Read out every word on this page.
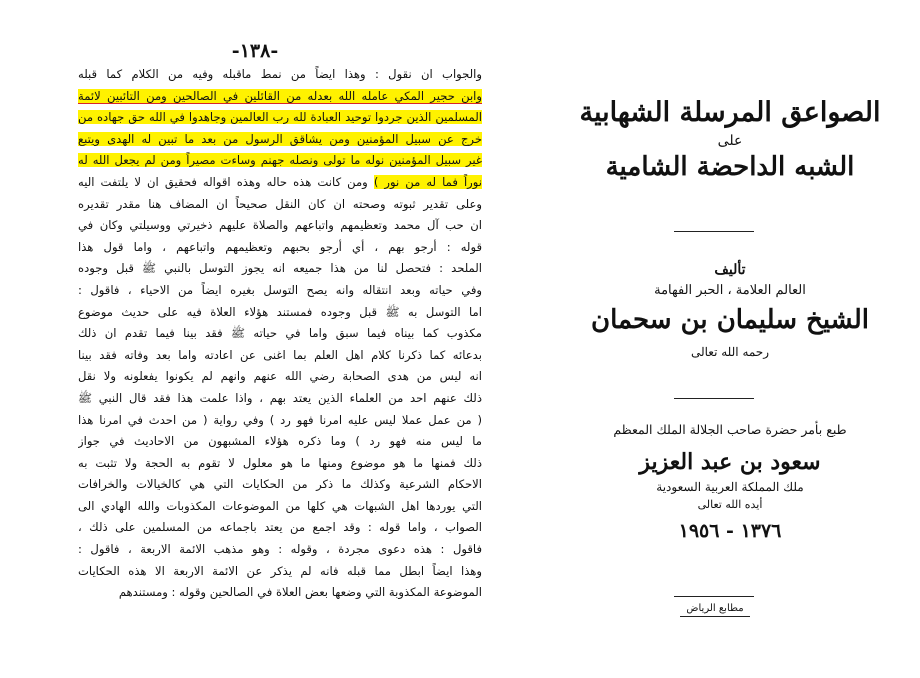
-١٣٨-
والجواب ان نقول : وهذا ايضاً من نمط ماقبله وفيه من الكلام كما قبله
وابن حجير المكي عامله الله بعدله من القائلين في الصالحين ومن التائبين لائمة
المسلمين الذين جردوا توحيد العبادة لله رب العالمين وجاهدوا في الله حق جهاده من
خرج عن سبيل المؤمنين ومن يشاقق الرسول من بعد ما تبين له الهدى ويتبع
غير سبيل المؤمنين نوله ما تولى ونصله جهنم وساءت مصيراً ومن لم يجعل الله له
نوراً فما له من نور ) ومن كانت هذه حاله وهذه اقواله فحقيق ان لا يلتفت اليه
وعلى تقدير ثبوته وصحته ان كان النقل صحيحاً ان المضاف هنا مقدر تقديره
ان حب آل محمد وتعظيمهم واتباعهم والصلاة عليهم ذخيرتي ووسيلتي وكان في
قوله : أرجو بهم ، أي أرجو بحبهم وتعظيمهم واتباعهم ، واما قول هذا
الملحد : فتحصل لنا من هذا جميعه انه يجوز التوسل بالنبي ﷺ قبل وجوده
وفي حياته وبعد انتقاله وانه يصح التوسل بغيره ايضاً من الاحياء ، فاقول :
اما التوسل به ﷺ قبل وجوده فمستند هؤلاء العلاة فيه على حديث موضوع
مكذوب كما بيناه فيما سبق واما في حياته ﷺ فقد بينا فيما تقدم ان ذلك
بدعائه كما ذكرنا كلام اهل العلم بما اغنى عن اعادته واما بعد وفاته فقد بينا
انه ليس من هدى الصحابة رضي الله عنهم وانهم لم يكونوا يفعلونه ولا نقل
ذلك عنهم احد من العلماء الذين يعتد بهم ، واذا علمت هذا فقد قال النبي ﷺ
( من عمل عملا ليس عليه امرنا فهو رد ) وفي رواية ( من احدث في امرنا هذا
ما ليس منه فهو رد ) وما ذكره هؤلاء المشبهون من الاحاديث في جواز
ذلك فمنها ما هو موضوع ومنها ما هو معلول لا تقوم به الحجة ولا تثبت به
الاحكام الشرعية وكذلك ما ذكر من الحكايات التي هي كالخيالات والخرافات
التي يوردها اهل الشبهات هي كلها من الموضوعات المكذوبات والله الهادي الى
الصواب ، واما قوله : وقد اجمع من يعتد باجماعه من المسلمين على ذلك ،
فاقول : هذه دعوى مجردة ، وقوله : وهو مذهب الائمة الاربعة ، فاقول :
وهذا ايضاً ابطل مما قبله فانه لم يذكر عن الائمة الاربعة الا هذه الحكايات
الموضوعة المكذوبة التي وضعها بعض العلاة في الصالحين وقوله : ومستندهم
الصواعق المرسلة الشهابية
على
الشبه الداحضة الشامية
تأليف
العالم العلامة ، الحبر الفهامة
الشيخ سليمان بن سحمان
رحمه الله تعالى
طبع بأمر حضرة صاحب الجلالة الملك المعظم
سعود بن عبد العزيز
ملك المملكة العربية السعودية
أيده الله تعالى
١٣٧٦ - ١٩٥٦
مطابع الرياض
